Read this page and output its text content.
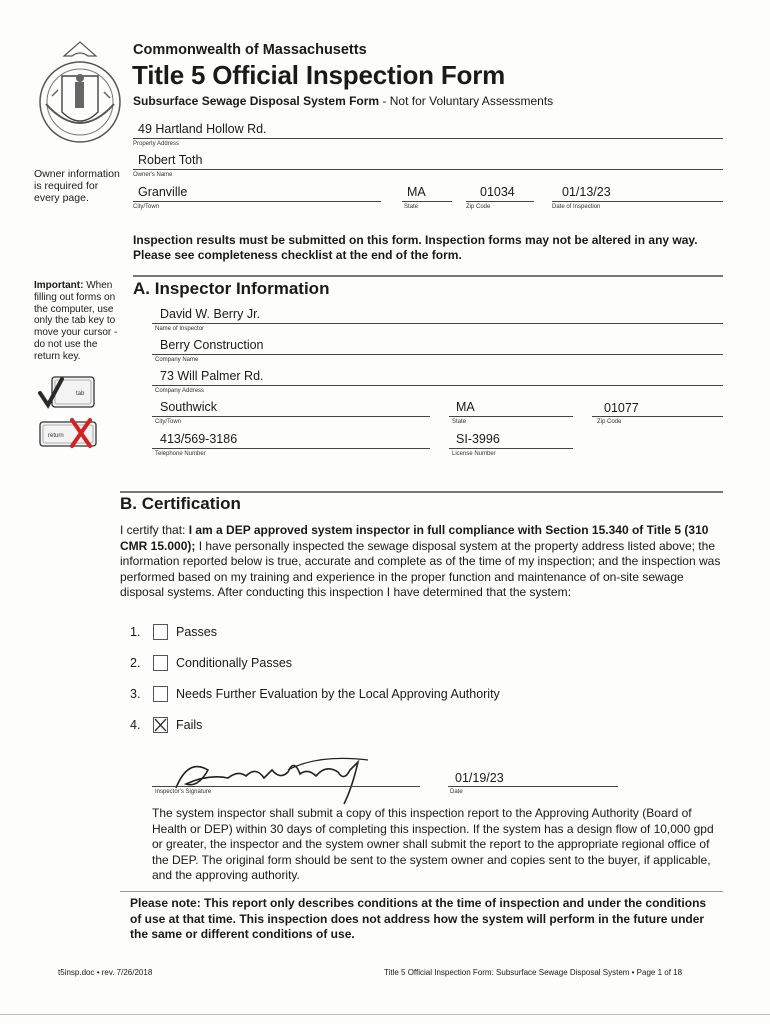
Commonwealth of Massachusetts
Title 5 Official Inspection Form
Subsurface Sewage Disposal System Form - Not for Voluntary Assessments
49 Hartland Hollow Rd.
Property Address
Robert Toth
Owner's Name
Granville
City/Town
MA
State
01034
Zip Code
01/13/23
Date of Inspection
Owner information is required for every page.
Important: When filling out forms on the computer, use only the tab key to move your cursor - do not use the return key.
tab
return
Inspection results must be submitted on this form. Inspection forms may not be altered in any way. Please see completeness checklist at the end of the form.
A. Inspector Information
David W. Berry Jr.
Name of Inspector
Berry Construction
Company Name
73 Will Palmer Rd.
Company Address
Southwick
City/Town
MA
State
01077
Zip Code
413/569-3186
Telephone Number
SI-3996
License Number
B. Certification
I certify that: I am a DEP approved system inspector in full compliance with Section 15.340 of Title 5 (310 CMR 15.000); I have personally inspected the sewage disposal system at the property address listed above; the information reported below is true, accurate and complete as of the time of my inspection; and the inspection was performed based on my training and experience in the proper function and maintenance of on-site sewage disposal systems. After conducting this inspection I have determined that the system:
1.	Passes
2.	Conditionally Passes
3.	Needs Further Evaluation by the Local Approving Authority
4.	Fails
David W Berry Jr
Inspector's Signature
01/19/23
Date
The system inspector shall submit a copy of this inspection report to the Approving Authority (Board of Health or DEP) within 30 days of completing this inspection. If the system has a design flow of 10,000 gpd or greater, the inspector and the system owner shall submit the report to the appropriate regional office of the DEP. The original form should be sent to the system owner and copies sent to the buyer, if applicable, and the approving authority.
Please note: This report only describes conditions at the time of inspection and under the conditions of use at that time. This inspection does not address how the system will perform in the future under the same or different conditions of use.
t5insp.doc • rev. 7/26/2018	Title 5 Official Inspection Form: Subsurface Sewage Disposal System • Page 1 of 18
